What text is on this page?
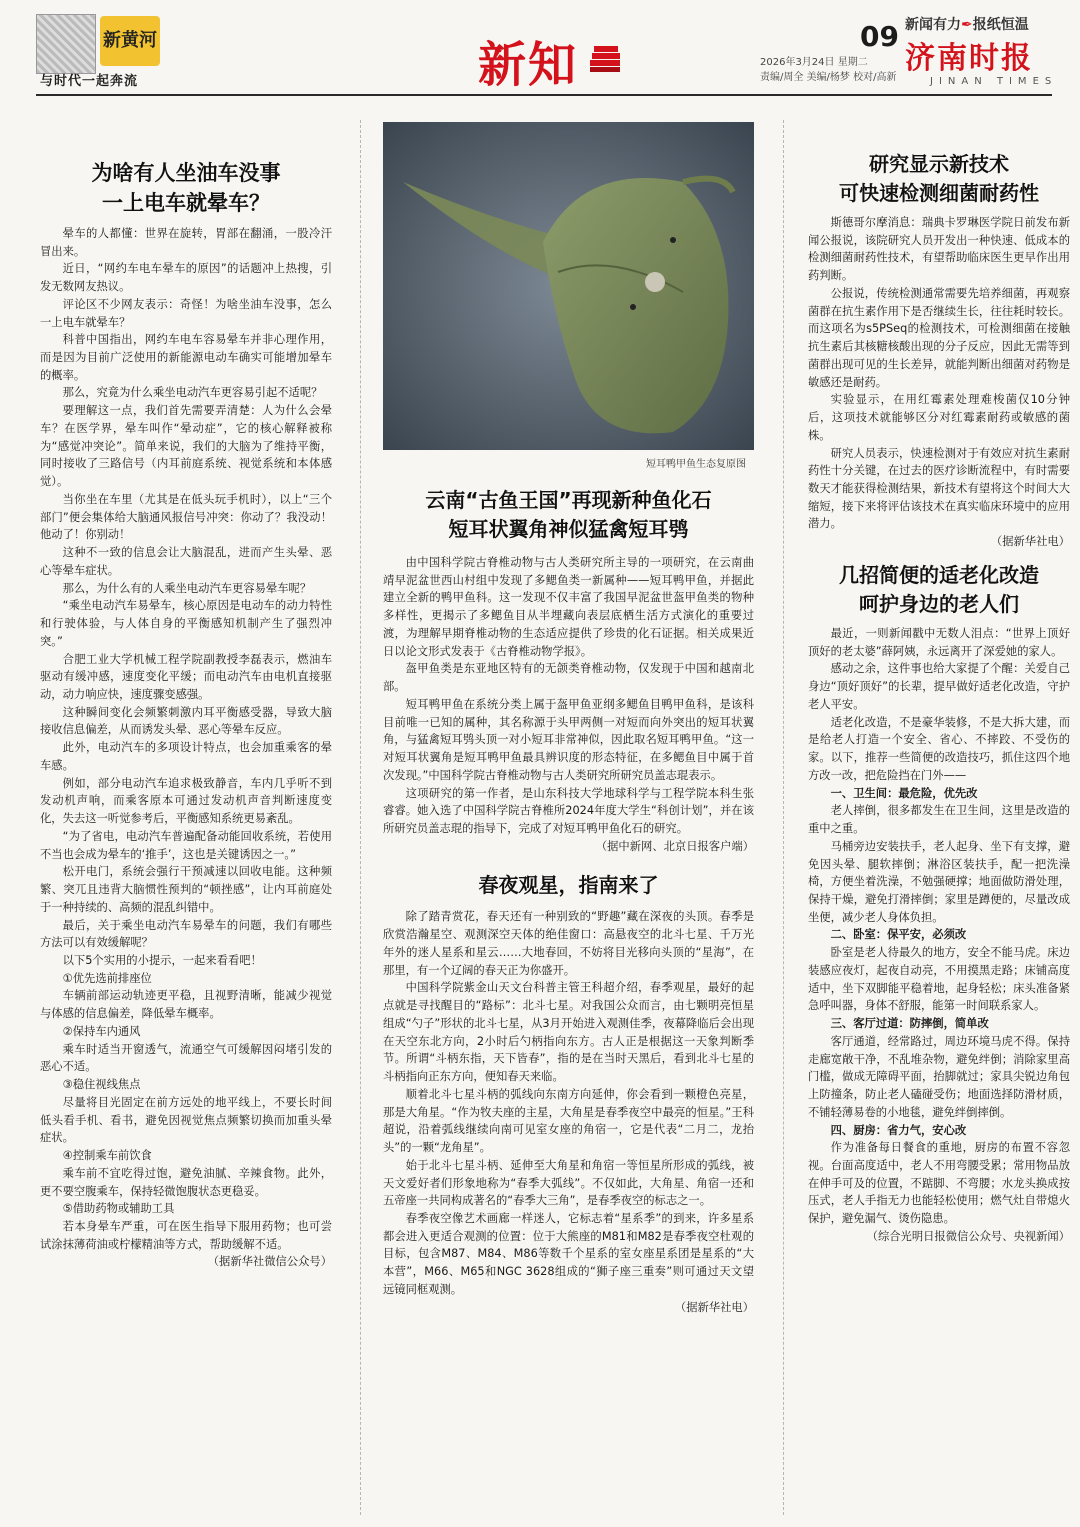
新黄河
与时代一起奔流	新知
09
2026年3月24日 星期二
责编/周全 美编/杨梦 校对/高新
新闻有力✒报纸恒温
济南时报
JINAN TIMES
为啥有人坐油车没事
一上电车就晕车？

晕车的人都懂：世界在旋转，胃部在翻涌，一股冷汗冒出来。

近日，“网约车电车晕车的原因”的话题冲上热搜，引发无数网友热议。

评论区不少网友表示：奇怪！为啥坐油车没事，怎么一上电车就晕车？

科普中国指出，网约车电车容易晕车并非心理作用，而是因为目前广泛使用的新能源电动车确实可能增加晕车的概率。

那么，究竟为什么乘坐电动汽车更容易引起不适呢？

要理解这一点，我们首先需要弄清楚：人为什么会晕车？在医学界，晕车叫作“晕动症”，它的核心解释被称为“感觉冲突论”。简单来说，我们的大脑为了维持平衡，同时接收了三路信号（内耳前庭系统、视觉系统和本体感觉）。

当你坐在车里（尤其是在低头玩手机时），以上“三个部门”便会集体给大脑通风报信号冲突：你动了？我没动！他动了！你别动！

这种不一致的信息会让大脑混乱，进而产生头晕、恶心等晕车症状。

那么，为什么有的人乘坐电动汽车更容易晕车呢？

“乘坐电动汽车易晕车，核心原因是电动车的动力特性和行驶体验，与人体自身的平衡感知机制产生了强烈冲突。”

合肥工业大学机械工程学院副教授李磊表示，燃油车驱动有缓冲感，速度变化平缓；而电动汽车由电机直接驱动，动力响应快，速度骤变感强。

这种瞬间变化会频繁刺激内耳平衡感受器，导致大脑接收信息偏差，从而诱发头晕、恶心等晕车反应。

此外，电动汽车的多项设计特点，也会加重乘客的晕车感。

例如，部分电动汽车追求极致静音，车内几乎听不到发动机声响，而乘客原本可通过发动机声音判断速度变化，失去这一听觉参考后，平衡感知系统更易紊乱。

“为了省电，电动汽车普遍配备动能回收系统，若使用不当也会成为晕车的‘推手’，这也是关键诱因之一。”

松开电门，系统会强行干预减速以回收电能。这种频繁、突兀且违背大脑惯性预判的“顿挫感”，让内耳前庭处于一种持续的、高频的混乱纠错中。

最后，关于乘坐电动汽车易晕车的问题，我们有哪些方法可以有效缓解呢？

以下5个实用的小提示，一起来看看吧！

①优先选前排座位

车辆前部运动轨迹更平稳，且视野清晰，能减少视觉与体感的信息偏差，降低晕车概率。

②保持车内通风

乘车时适当开窗透气，流通空气可缓解因闷堵引发的恶心不适。

③稳住视线焦点

尽量将目光固定在前方远处的地平线上，不要长时间低头看手机、看书，避免因视觉焦点频繁切换而加重头晕症状。

④控制乘车前饮食

乘车前不宜吃得过饱，避免油腻、辛辣食物。此外，更不要空腹乘车，保持轻微饱腹状态更稳妥。

⑤借助药物或辅助工具

若本身晕车严重，可在医生指导下服用药物；也可尝试涂抹薄荷油或柠檬精油等方式，帮助缓解不适。

（据新华社微信公众号）

短耳鸭甲鱼生态复原图
云南“古鱼王国”再现新种鱼化石
短耳状翼角神似猛禽短耳鸮

由中国科学院古脊椎动物与古人类研究所主导的一项研究，在云南曲靖早泥盆世西山村组中发现了多鳃鱼类一新属种——短耳鸭甲鱼，并据此建立全新的鸭甲鱼科。这一发现不仅丰富了我国早泥盆世盔甲鱼类的物种多样性，更揭示了多鳃鱼目从半埋藏向表层底栖生活方式演化的重要过渡，为理解早期脊椎动物的生态适应提供了珍贵的化石证据。相关成果近日以论文形式发表于《古脊椎动物学报》。

盔甲鱼类是东亚地区特有的无颌类脊椎动物，仅发现于中国和越南北部。

短耳鸭甲鱼在系统分类上属于盔甲鱼亚纲多鳃鱼目鸭甲鱼科，是该科目前唯一已知的属种，其名称源于头甲两侧一对短而向外突出的短耳状翼角，与猛禽短耳鸮头顶一对小短耳非常神似，因此取名短耳鸭甲鱼。“这一对短耳状翼角是短耳鸭甲鱼最具辨识度的形态特征，在多鳃鱼目中属于首次发现。”中国科学院古脊椎动物与古人类研究所研究员盖志琨表示。

这项研究的第一作者，是山东科技大学地球科学与工程学院本科生张睿睿。她入选了中国科学院古脊椎所2024年度大学生“科创计划”，并在该所研究员盖志琨的指导下，完成了对短耳鸭甲鱼化石的研究。

（据中新网、北京日报客户端）

春夜观星，指南来了

除了踏青赏花，春天还有一种别致的“野趣”藏在深夜的头顶。春季是欣赏浩瀚星空、观测深空天体的绝佳窗口：高悬夜空的北斗七星、千万光年外的迷人星系和星云……大地春回，不妨将目光移向头顶的“星海”，在那里，有一个辽阔的春天正为你盛开。

中国科学院紫金山天文台科普主管王科超介绍，春季观星，最好的起点就是寻找醒目的“路标”：北斗七星。对我国公众而言，由七颗明亮恒星组成“勺子”形状的北斗七星，从3月开始进入观测佳季，夜幕降临后会出现在天空东北方向，2小时后勺柄指向东方。古人正是根据这一天象判断季节。所谓“斗柄东指，天下皆春”，指的是在当时天黑后，看到北斗七星的斗柄指向正东方向，便知春天来临。

顺着北斗七星斗柄的弧线向东南方向延伸，你会看到一颗橙色亮星，那是大角星。“作为牧夫座的主星，大角星是春季夜空中最亮的恒星。”王科超说，沿着弧线继续向南可见室女座的角宿一，它是代表“二月二，龙抬头”的一颗“龙角星”。

始于北斗七星斗柄、延伸至大角星和角宿一等恒星所形成的弧线，被天文爱好者们形象地称为“春季大弧线”。不仅如此，大角星、角宿一还和五帝座一共同构成著名的“春季大三角”，是春季夜空的标志之一。

春季夜空像艺术画廊一样迷人，它标志着“星系季”的到来，许多星系都会进入更适合观测的位置：位于大熊座的M81和M82是春季夜空杜观的目标，包含M87、M84、M86等数千个星系的室女座星系团是星系的“大本营”，M66、M65和NGC 3628组成的“狮子座三重奏”则可通过天文望远镜同框观测。

（据新华社电）

研究显示新技术
可快速检测细菌耐药性

斯德哥尔摩消息：瑞典卡罗琳医学院日前发布新闻公报说，该院研究人员开发出一种快速、低成本的检测细菌耐药性技术，有望帮助临床医生更早作出用药判断。

公报说，传统检测通常需要先培养细菌，再观察菌群在抗生素作用下是否继续生长，往往耗时较长。而这项名为s5PSeq的检测技术，可检测细菌在接触抗生素后其核糖核酸出现的分子反应，因此无需等到菌群出现可见的生长差异，就能判断出细菌对药物是敏感还是耐药。

实验显示，在用红霉素处理难梭菌仅10分钟后，这项技术就能够区分对红霉素耐药或敏感的菌株。

研究人员表示，快速检测对于有效应对抗生素耐药性十分关键，在过去的医疗诊断流程中，有时需要数天才能获得检测结果，新技术有望将这个时间大大缩短，接下来将评估该技术在真实临床环境中的应用潜力。

（据新华社电）

几招简便的适老化改造
呵护身边的老人们

最近，一则新闻戳中无数人泪点：“世界上顶好顶好的老太婆”薛阿姨，永远离开了深爱她的家人。

感动之余，这件事也给大家提了个醒：关爱自己身边“顶好顶好”的长辈，提早做好适老化改造，守护老人平安。

适老化改造，不是豪华装修，不是大拆大建，而是给老人打造一个安全、省心、不摔跤、不受伤的家。以下，推荐一些简便的改造技巧，抓住这四个地方改一改，把危险挡在门外——

一、卫生间：最危险，优先改

老人摔倒，很多都发生在卫生间，这里是改造的重中之重。

马桶旁边安装扶手，老人起身、坐下有支撑，避免因头晕、腿软摔倒；淋浴区装扶手，配一把洗澡椅，方便坐着洗澡，不勉强硬撑；地面做防滑处理，保持干燥，避免打滑摔倒；家里是蹲便的，尽量改成坐便，减少老人身体负担。

二、卧室：保平安，必须改

卧室是老人待最久的地方，安全不能马虎。床边装感应夜灯，起夜自动亮，不用摸黑走路；床铺高度适中，坐下双脚能平稳着地，起身轻松；床头准备紧急呼叫器，身体不舒服，能第一时间联系家人。

三、客厅过道：防摔倒，简单改

客厅通道，经常路过，周边环境马虎不得。保持走廊宽敞干净，不乱堆杂物，避免绊倒；消除家里高门槛，做成无障碍平面，抬脚就过；家具尖锐边角包上防撞条，防止老人磕碰受伤；地面选择防滑材质，不铺轻薄易卷的小地毯，避免绊倒摔倒。

四、厨房：省力气，安心改

作为准备每日餐食的重地，厨房的布置不容忽视。台面高度适中，老人不用弯腰受累；常用物品放在伸手可及的位置，不踮脚、不弯腰；水龙头换成按压式，老人手指无力也能轻松使用；燃气灶自带熄火保护，避免漏气、烫伤隐患。

（综合光明日报微信公众号、央视新闻）
